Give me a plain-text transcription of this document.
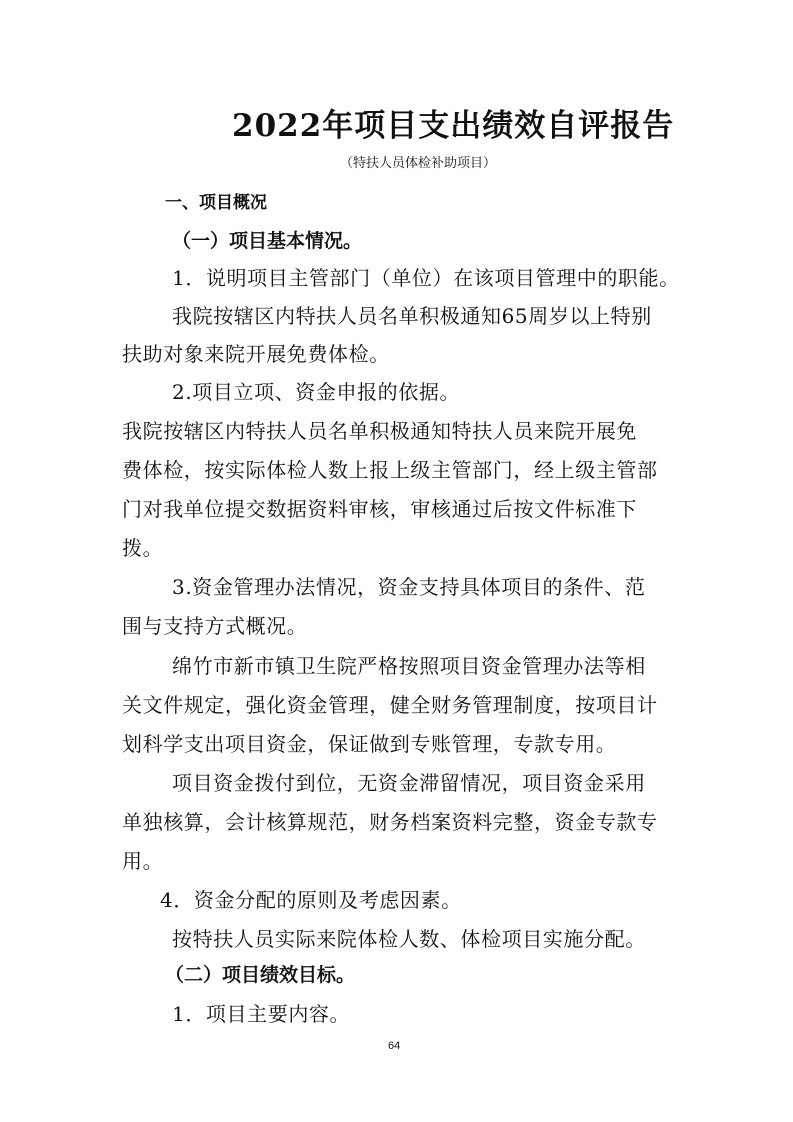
2022年项目支出绩效自评报告
（特扶人员体检补助项目）
一、项目概况
（一）项目基本情况。
1．说明项目主管部门（单位）在该项目管理中的职能。
我院按辖区内特扶人员名单积极通知65周岁以上特别
扶助对象来院开展免费体检。
2.项目立项、资金申报的依据。
我院按辖区内特扶人员名单积极通知特扶人员来院开展免
费体检，按实际体检人数上报上级主管部门，经上级主管部
门对我单位提交数据资料审核，审核通过后按文件标准下
拨。
3.资金管理办法情况，资金支持具体项目的条件、范
围与支持方式概况。
绵竹市新市镇卫生院严格按照项目资金管理办法等相
关文件规定，强化资金管理，健全财务管理制度，按项目计
划科学支出项目资金，保证做到专账管理，专款专用。
项目资金拨付到位，无资金滞留情况，项目资金采用
单独核算，会计核算规范，财务档案资料完整，资金专款专
用。
4．资金分配的原则及考虑因素。
按特扶人员实际来院体检人数、体检项目实施分配。
（二）项目绩效目标。
1．项目主要内容。
64
